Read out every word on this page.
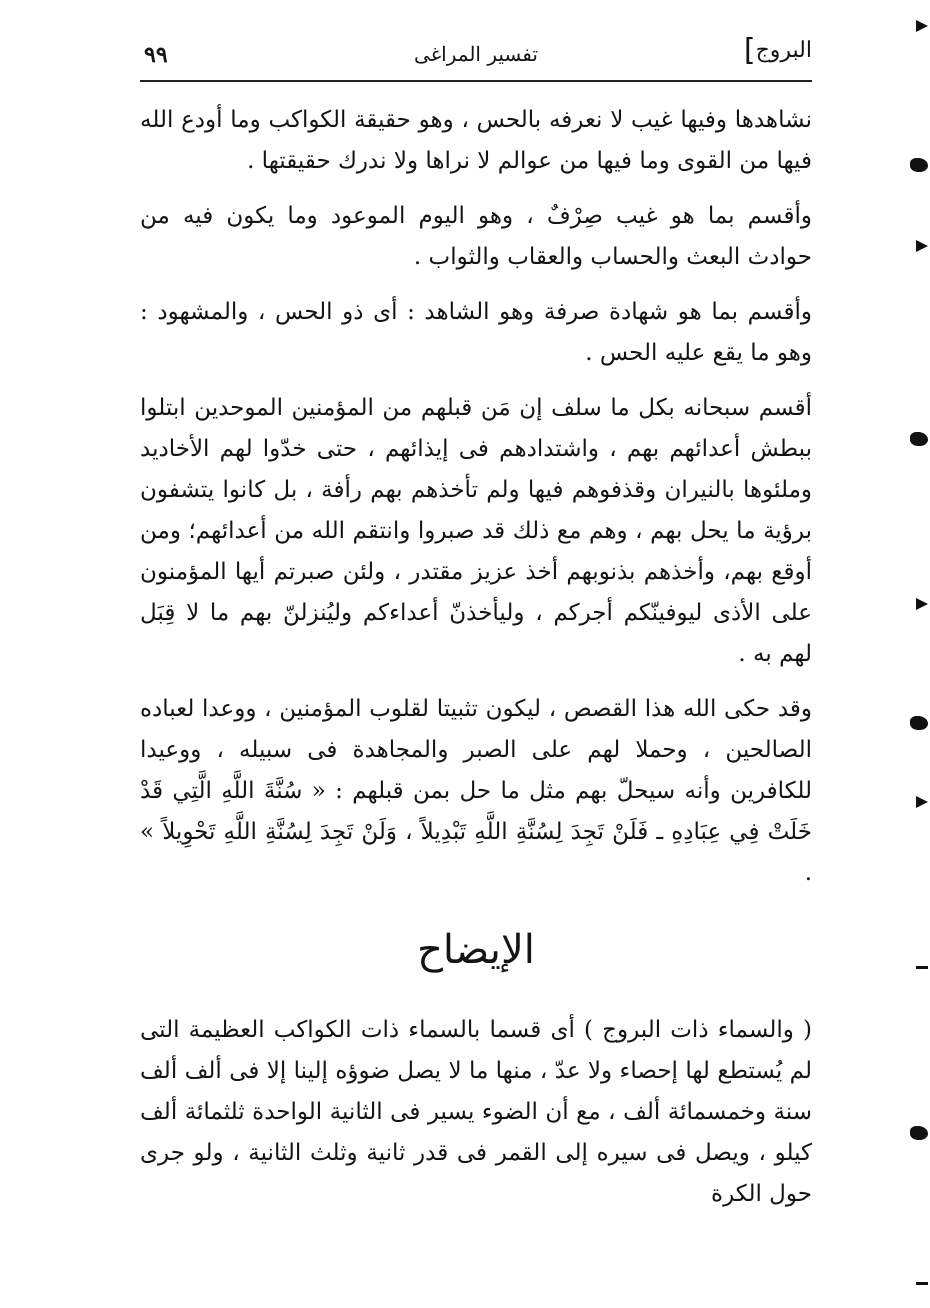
البروج]
تفسير المراغى
٩٩

نشاهدها وفيها غيب لا نعرفه بالحس ، وهو حقيقة الكواكب وما أودع الله فيها من القوى وما فيها من عوالم لا نراها ولا ندرك حقيقتها .

وأقسم بما هو غيب صِرْفٌ ، وهو اليوم الموعود وما يكون فيه من حوادث البعث والحساب والعقاب والثواب .

وأقسم بما هو شهادة صرفة وهو الشاهد : أى ذو الحس ، والمشهود : وهو ما يقع عليه الحس .

أقسم سبحانه بكل ما سلف إن مَن قبلهم من المؤمنين الموحدين ابتلوا ببطش أعدائهم بهم ، واشتدادهم فى إيذائهم ، حتى خدّوا لهم الأخاديد وملئوها بالنيران وقذفوهم فيها ولم تأخذهم بهم رأفة ، بل كانوا يتشفون برؤية ما يحل بهم ، وهم مع ذلك قد صبروا وانتقم الله من أعدائهم؛ ومن أوقع بهم، وأخذهم بذنوبهم أخذ عزيز مقتدر ، ولئن صبرتم أيها المؤمنون على الأذى ليوفينّكم أجركم ، وليأخذنّ أعداءكم وليُنزلنّ بهم ما لا قِبَل لهم به .

وقد حكى الله هذا القصص ، ليكون تثبيتا لقلوب المؤمنين ، ووعدا لعباده الصالحين ، وحملا لهم على الصبر والمجاهدة فى سبيله ، ووعيدا للكافرين وأنه سيحلّ بهم مثل ما حل بمن قبلهم : « سُنَّةَ اللَّهِ الَّتِي قَدْ خَلَتْ فِي عِبَادِهِ ـ فَلَنْ تَجِدَ لِسُنَّةِ اللَّهِ تَبْدِيلاً ، وَلَنْ تَجِدَ لِسُنَّةِ اللَّهِ تَحْوِيلاً » .

الإيضاح

( والسماء ذات البروج ) أى قسما بالسماء ذات الكواكب العظيمة التى لم يُستطع لها إحصاء ولا عدّ ، منها ما لا يصل ضوؤه إلينا إلا فى ألف ألف سنة وخمسمائة ألف ، مع أن الضوء يسير فى الثانية الواحدة ثلثمائة ألف كيلو ، ويصل فى سيره إلى القمر فى قدر ثانية وثلث الثانية ، ولو جرى حول الكرة
